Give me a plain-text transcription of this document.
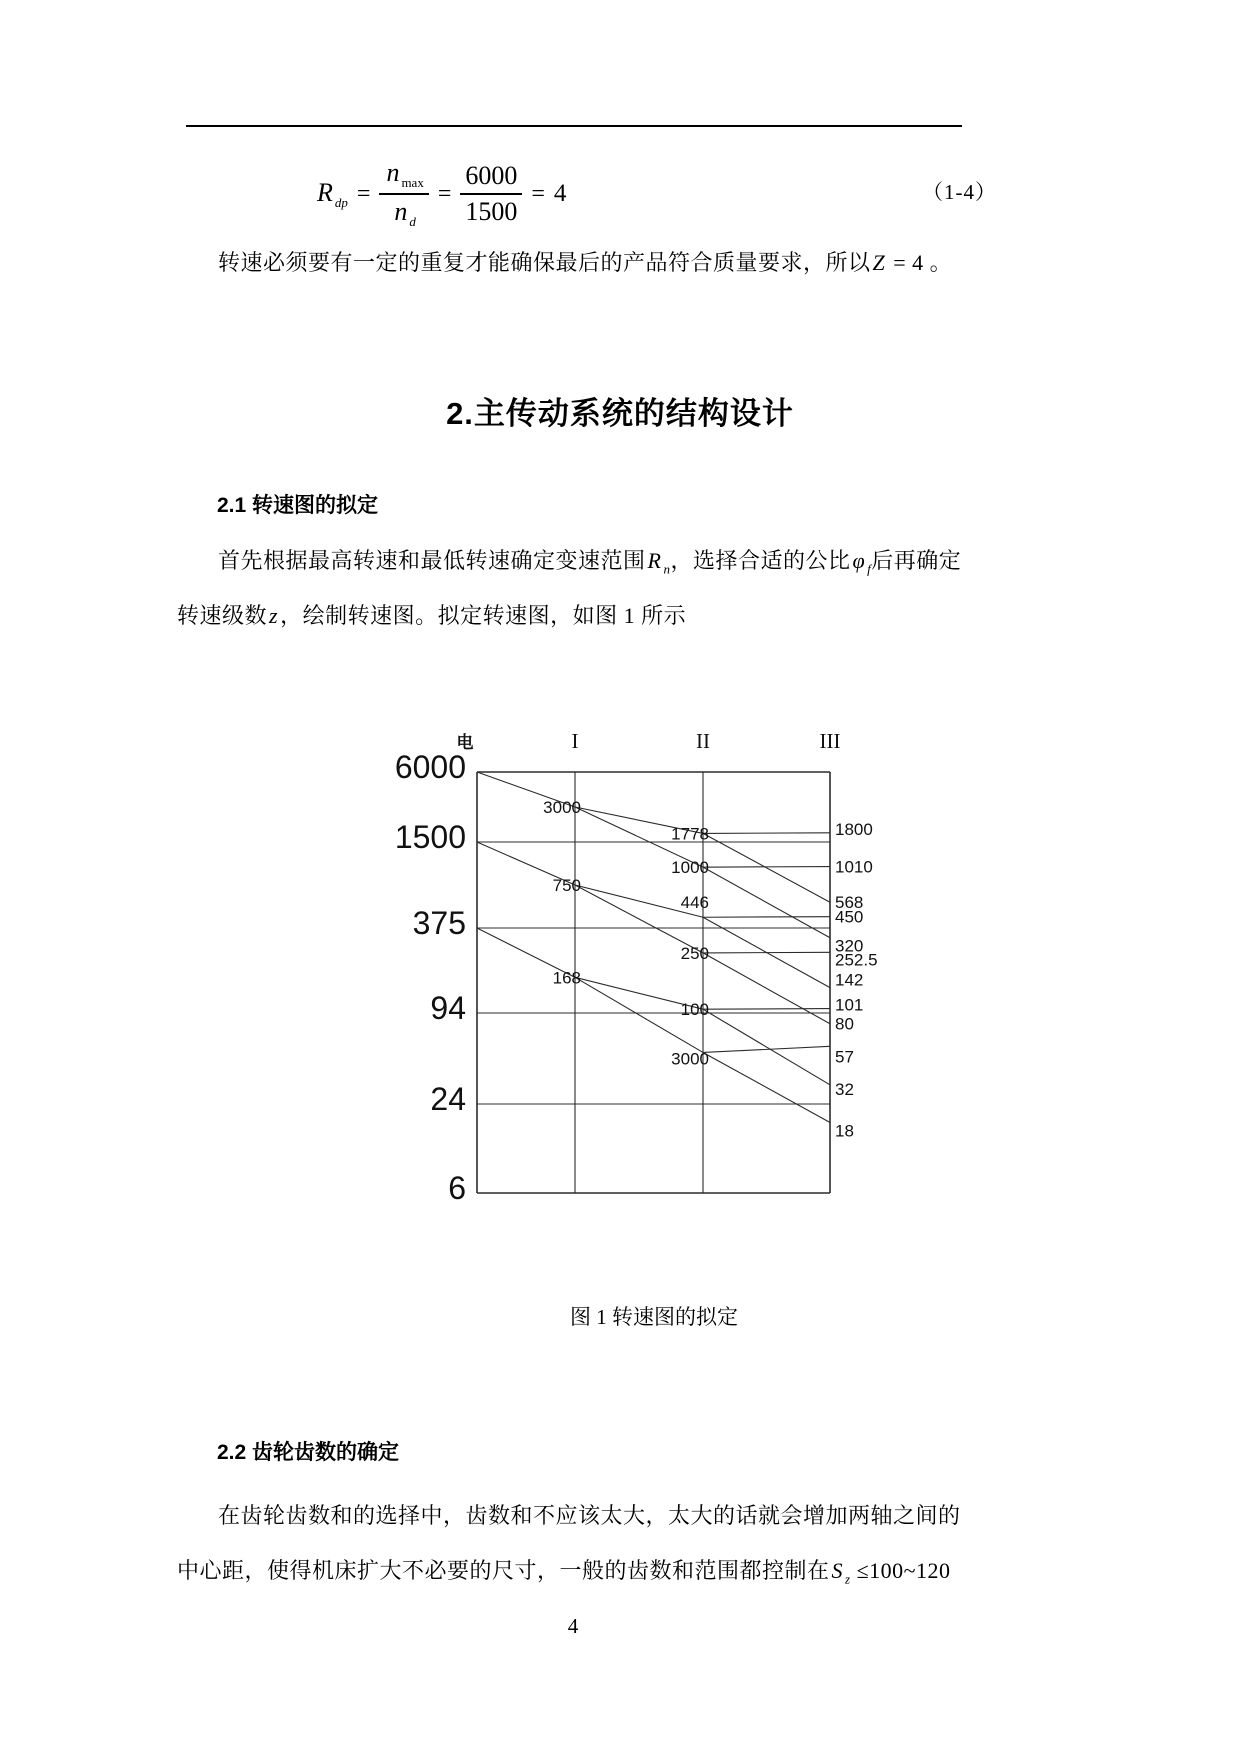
R $_{dp} = \frac{n _{max}}{n _d} = \frac{6000}{1500} = 4$	（1-4）
转速必须要有一定的重复才能确保最后的产品符合质量要求，所以Z = 4 。
2.主传动系统的结构设计
2.1 转速图的拟定
首先根据最高转速和最低转速确定变速范围R $_n$，选择合适的公比φ $_f$后再确定
转速级数z，绘制转速图。拟定转速图，如图 1 所示
6000
1500
375
94
24
6
电	I	II	III
3000
750
168
1778
1000
446
250
100
3000
1800
1010
568
450
320
252.5
142
101
80
57
32
18
图 1 转速图的拟定
2.2 齿轮齿数的确定
在齿轮齿数和的选择中，齿数和不应该太大，太大的话就会增加两轴之间的
中心距，使得机床扩大不必要的尺寸，一般的齿数和范围都控制在S $_z$ ≤100~120
4
